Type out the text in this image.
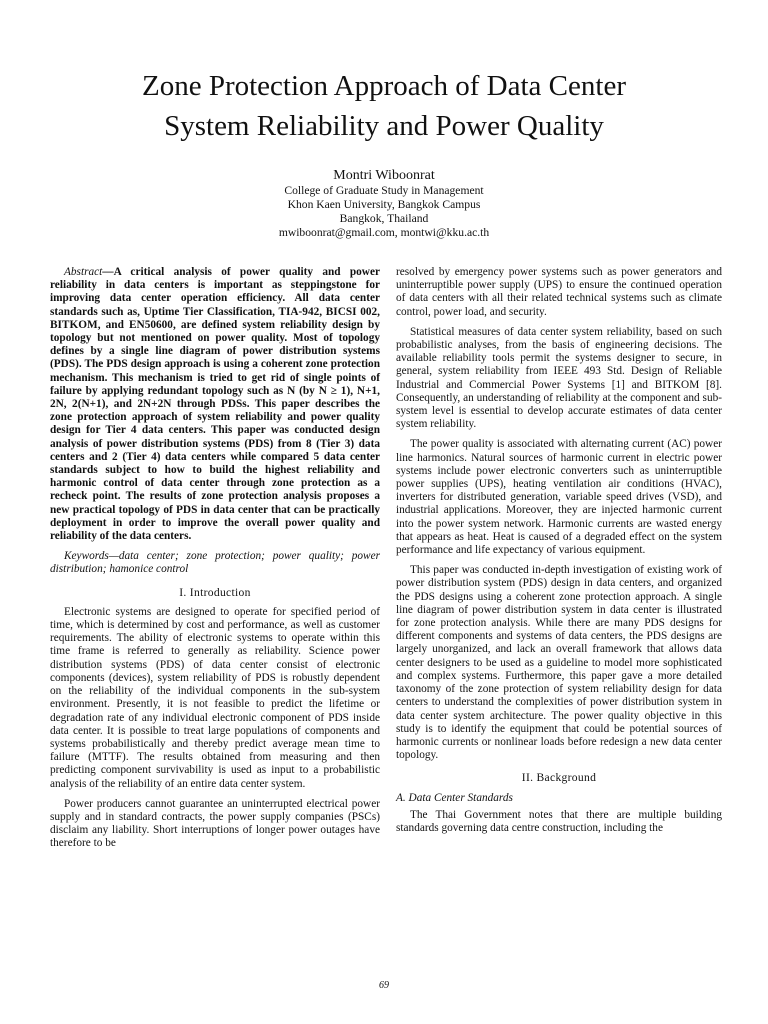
Zone Protection Approach of Data Center
System Reliability and Power Quality
Montri Wiboonrat
College of Graduate Study in Management
Khon Kaen University, Bangkok Campus
Bangkok, Thailand
mwiboonrat@gmail.com, montwi@kku.ac.th

Abstract—A critical analysis of power quality and power reliability in data centers is important as steppingstone for improving data center operation efficiency. All data center standards such as, Uptime Tier Classification, TIA-942, BICSI 002, BITKOM, and EN50600, are defined system reliability design by topology but not mentioned on power quality. Most of topology defines by a single line diagram of power distribution systems (PDS). The PDS design approach is using a coherent zone protection mechanism. This mechanism is tried to get rid of single points of failure by applying redundant topology such as N (by N ≥ 1), N+1, 2N, 2(N+1), and 2N+2N through PDSs. This paper describes the zone protection approach of system reliability and power quality design for Tier 4 data centers. This paper was conducted design analysis of power distribution systems (PDS) from 8 (Tier 3) data centers and 2 (Tier 4) data centers while compared 5 data center standards subject to how to build the highest reliability and harmonic control of data center through zone protection as a recheck point. The results of zone protection analysis proposes a new practical topology of PDS in data center that can be practically deployment in order to improve the overall power quality and reliability of the data centers.

Keywords—data center; zone protection; power quality; power distribution; hamonice control

I. Introduction

Electronic systems are designed to operate for specified period of time, which is determined by cost and performance, as well as customer requirements. The ability of electronic systems to operate within this time frame is referred to generally as reliability. Science power distribution systems (PDS) of data center consist of electronic components (devices), system reliability of PDS is robustly dependent on the reliability of the individual components in the sub-system environment. Presently, it is not feasible to predict the lifetime or degradation rate of any individual electronic component of PDS inside data center. It is possible to treat large populations of components and systems probabilistically and thereby predict average mean time to failure (MTTF). The results obtained from measuring and then predicting component survivability is used as input to a probabilistic analysis of the reliability of an entire data center system.

Power producers cannot guarantee an uninterrupted electrical power supply and in standard contracts, the power supply companies (PSCs) disclaim any liability. Short interruptions of longer power outages have therefore to be

resolved by emergency power systems such as power generators and uninterruptible power supply (UPS) to ensure the continued operation of data centers with all their related technical systems such as climate control, power load, and security.

Statistical measures of data center system reliability, based on such probabilistic analyses, from the basis of engineering decisions. The available reliability tools permit the systems designer to secure, in general, system reliability from IEEE 493 Std. Design of Reliable Industrial and Commercial Power Systems [1] and BITKOM [8]. Consequently, an understanding of reliability at the component and sub-system level is essential to develop accurate estimates of data center system reliability.

The power quality is associated with alternating current (AC) power line harmonics. Natural sources of harmonic current in electric power systems include power electronic converters such as uninterruptible power supplies (UPS), heating ventilation air conditions (HVAC), inverters for distributed generation, variable speed drives (VSD), and industrial applications. Moreover, they are injected harmonic current into the power system network. Harmonic currents are wasted energy that appears as heat. Heat is caused of a degraded effect on the system performance and life expectancy of various equipment.

This paper was conducted in-depth investigation of existing work of power distribution system (PDS) design in data centers, and organized the PDS designs using a coherent zone protection approach. A single line diagram of power distribution system in data center is illustrated for zone protection analysis. While there are many PDS designs for different components and systems of data centers, the PDS designs are largely unorganized, and lack an overall framework that allows data center designers to be used as a guideline to model more sophisticated and complex systems. Furthermore, this paper gave a more detailed taxonomy of the zone protection of system reliability design for data centers to understand the complexities of power distribution system in data center system architecture. The power quality objective in this study is to identify the equipment that could be potential sources of harmonic currents or nonlinear loads before redesign a new data center topology.

II. Background
A. Data Center Standards

The Thai Government notes that there are multiple building standards governing data centre construction, including the

69
